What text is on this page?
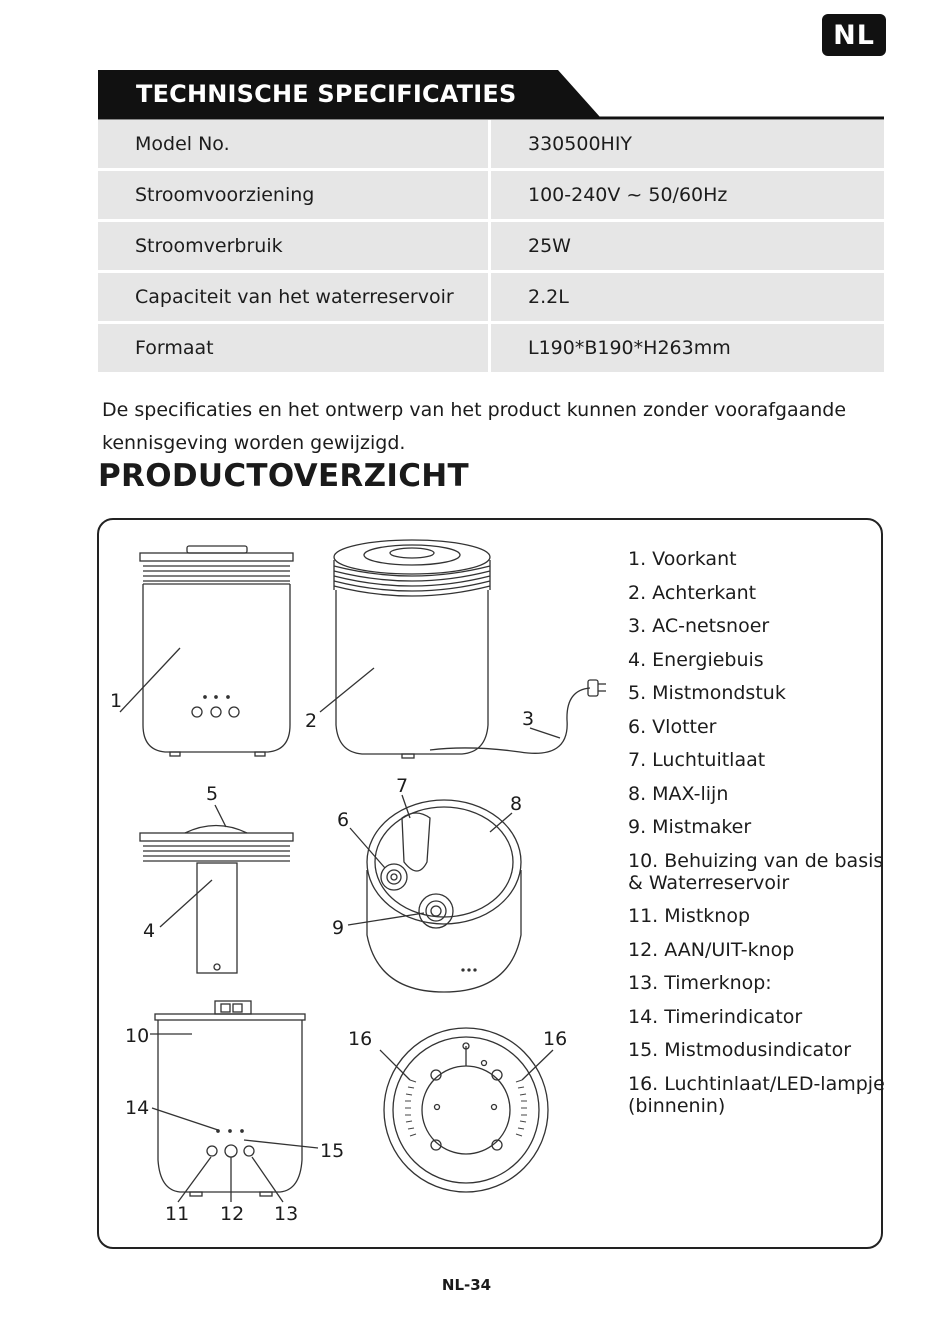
NL
TECHNISCHE SPECIFICATIES
Model No.	330500HIY
Stroomvoorziening	100-240V ~ 50/60Hz
Stroomverbruik	25W
Capaciteit van het waterreservoir	2.2L
Formaat	L190*B190*H263mm
De specificaties en het ontwerp van het product kunnen zonder voorafgaande kennisgeving worden gewijzigd.
PRODUCTOVERZICHT
1
2	3
4
5
6
7
8
9
10
11 12 13
14
15
16	16
1. Voorkant
2. Achterkant
3. AC-netsnoer
4. Energiebuis
5. Mistmondstuk
6. Vlotter
7. Luchtuitlaat
8. MAX-lijn
9. Mistmaker
10. Behuizing van de basis & Waterreservoir
11. Mistknop
12. AAN/UIT-knop
13. Timerknop:
14. Timerindicator
15. Mistmodusindicator
16. Luchtinlaat/LED-lampje (binnenin)
NL-34
